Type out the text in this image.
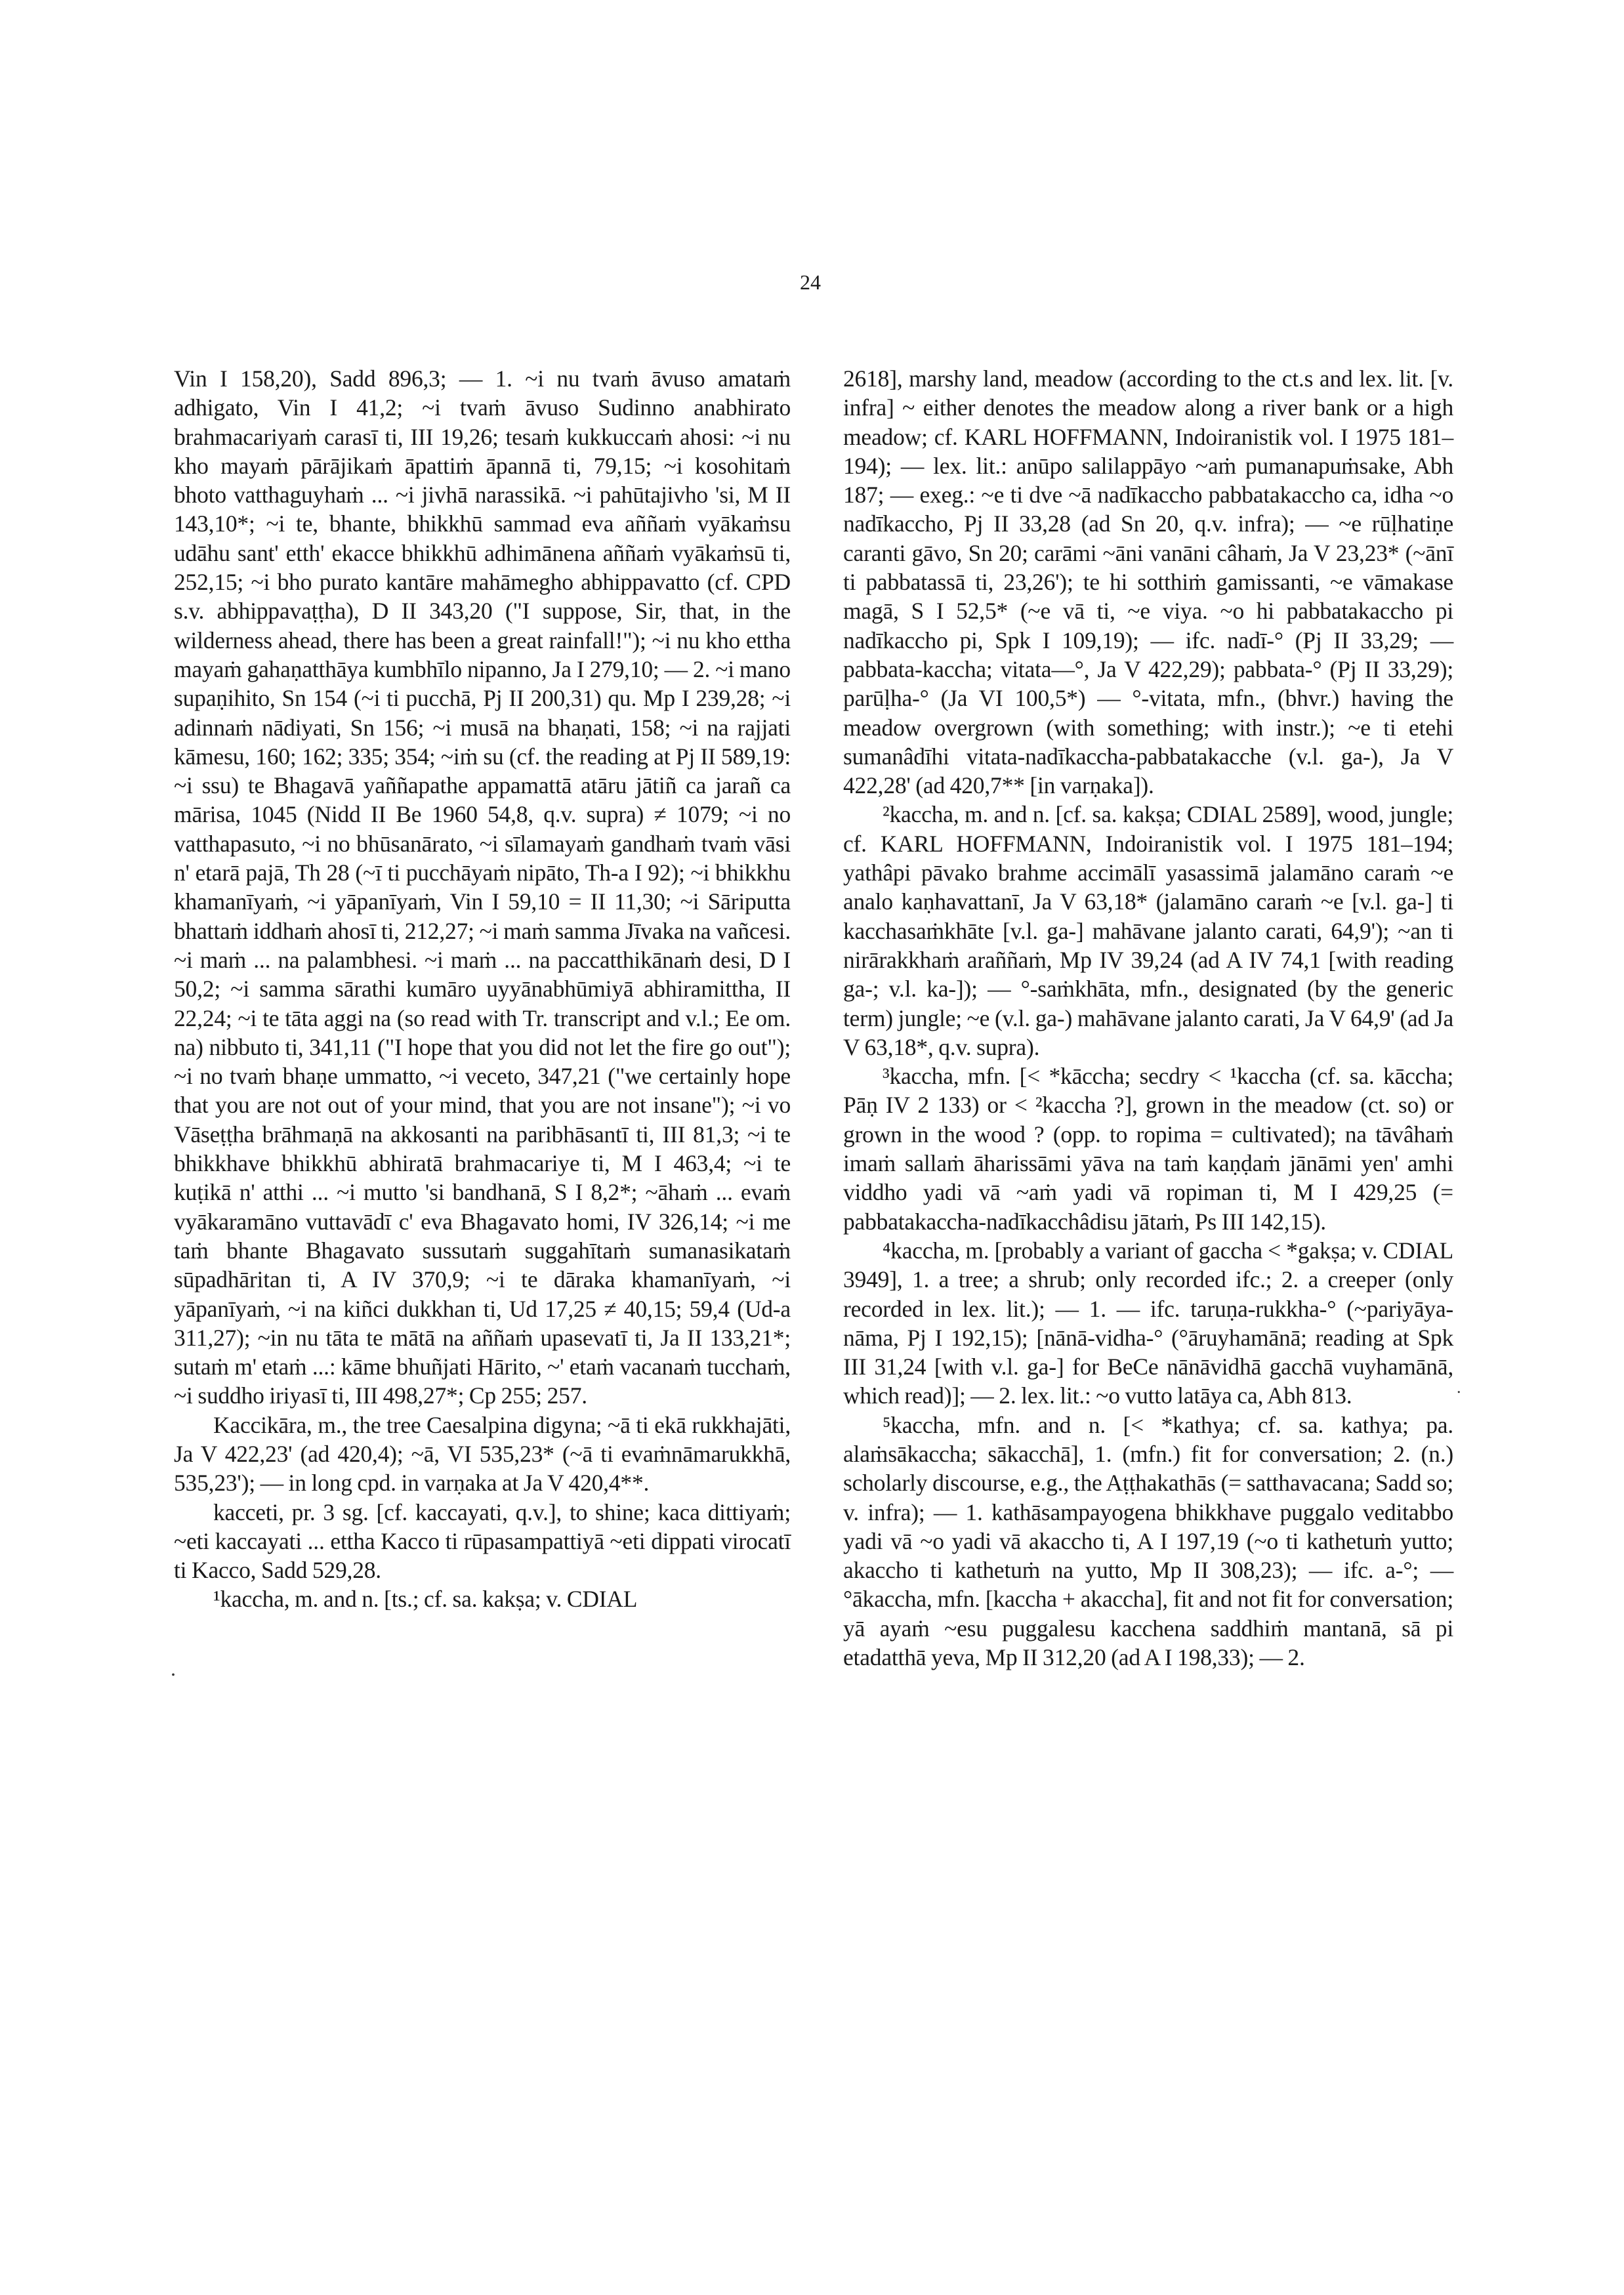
24

Vin I 158,20), Sadd 896,3; — 1. ~i nu tvaṁ āvuso amataṁ adhigato, Vin I 41,2; ~i tvaṁ āvuso Sudinno anabhirato brahmacariyaṁ carasī ti, III 19,26; tesaṁ kukkuccaṁ ahosi: ~i nu kho mayaṁ pārājikaṁ āpattiṁ āpannā ti, 79,15; ~i kosohitaṁ bhoto vatthaguyhaṁ ... ~i jivhā narassikā. ~i pahūtajivho 'si, M II 143,10*; ~i te, bhante, bhikkhū sammad eva aññaṁ vyākaṁsu udāhu sant' etth' ekacce bhikkhū adhimānena aññaṁ vyākaṁsū ti, 252,15; ~i bho purato kantāre mahāmegho abhippavatto (cf. CPD s.v. abhippavaṭṭha), D II 343,20 ("I suppose, Sir, that, in the wilderness ahead, there has been a great rainfall!"); ~i nu kho ettha mayaṁ gahaṇatthāya kumbhīlo nipanno, Ja I 279,10; — 2. ~i mano supaṇihito, Sn 154 (~i ti pucchā, Pj II 200,31) qu. Mp I 239,28; ~i adinnaṁ nādiyati, Sn 156; ~i musā na bhaṇati, 158; ~i na rajjati kāmesu, 160; 162; 335; 354; ~iṁ su (cf. the reading at Pj II 589,19: ~i ssu) te Bhagavā yaññapathe appamattā atāru jātiñ ca jarañ ca mārisa, 1045 (Nidd II Be 1960 54,8, q.v. supra) ≠ 1079; ~i no vatthapasuto, ~i no bhūsanārato, ~i sīlamayaṁ gandhaṁ tvaṁ vāsi n' etarā pajā, Th 28 (~ī ti pucchāyaṁ nipāto, Th-a I 92); ~i bhikkhu khamanīyaṁ, ~i yāpanīyaṁ, Vin I 59,10 = II 11,30; ~i Sāriputta bhattaṁ iddhaṁ ahosī ti, 212,27; ~i maṁ samma Jīvaka na vañcesi. ~i maṁ ... na palambhesi. ~i maṁ ... na paccatthikānaṁ desi, D I 50,2; ~i samma sārathi kumāro uyyānabhūmiyā abhiramittha, II 22,24; ~i te tāta aggi na (so read with Tr. transcript and v.l.; Ee om. na) nibbuto ti, 341,11 ("I hope that you did not let the fire go out"); ~i no tvaṁ bhaṇe ummatto, ~i veceto, 347,21 ("we certainly hope that you are not out of your mind, that you are not insane"); ~i vo Vāseṭṭha brāhmaṇā na akkosanti na paribhāsantī ti, III 81,3; ~i te bhikkhave bhikkhū abhiratā brahmacariye ti, M I 463,4; ~i te kuṭikā n' atthi ... ~i mutto 'si bandhanā, S I 8,2*; ~āhaṁ ... evaṁ vyākaramāno vuttavādī c' eva Bhagavato homi, IV 326,14; ~i me taṁ bhante Bhagavato sussutaṁ suggahītaṁ sumanasikataṁ sūpadhāritan ti, A IV 370,9; ~i te dāraka khamanīyaṁ, ~i yāpanīyaṁ, ~i na kiñci dukkhan ti, Ud 17,25 ≠ 40,15; 59,4 (Ud-a 311,27); ~in nu tāta te mātā na aññaṁ upasevatī ti, Ja II 133,21*; sutaṁ m' etaṁ ...: kāme bhuñjati Hārito, ~' etaṁ vacanaṁ tucchaṁ, ~i suddho iriyasī ti, III 498,27*; Cp 255; 257.

Kaccikāra, m., the tree Caesalpina digyna; ~ā ti ekā rukkhajāti, Ja V 422,23' (ad 420,4); ~ā, VI 535,23* (~ā ti evaṁnāmarukkhā, 535,23'); — in long cpd. in varṇaka at Ja V 420,4**.

kacceti, pr. 3 sg. [cf. kaccayati, q.v.], to shine; kaca dittiyaṁ; ~eti kaccayati ... ettha Kacco ti rūpasampattiyā ~eti dippati virocatī ti Kacco, Sadd 529,28.

¹kaccha, m. and n. [ts.; cf. sa. kakṣa; v. CDIAL

2618], marshy land, meadow (according to the ct.s and lex. lit. [v. infra] ~ either denotes the meadow along a river bank or a high meadow; cf. KARL HOFFMANN, Indoiranistik vol. I 1975 181–194); — lex. lit.: anūpo salilappāyo ~aṁ pumanapuṁsake, Abh 187; — exeg.: ~e ti dve ~ā nadīkaccho pabbatakaccho ca, idha ~o nadīkaccho, Pj II 33,28 (ad Sn 20, q.v. infra); — ~e rūḷhatiṇe caranti gāvo, Sn 20; carāmi ~āni vanāni câhaṁ, Ja V 23,23* (~ānī ti pabbatassā ti, 23,26'); te hi sotthiṁ gamissanti, ~e vāmakase magā, S I 52,5* (~e vā ti, ~e viya. ~o hi pabbatakaccho pi nadīkaccho pi, Spk I 109,19); — ifc. nadī-° (Pj II 33,29; —pabbata-kaccha; vitata—°, Ja V 422,29); pabbata-° (Pj II 33,29); parūḷha-° (Ja VI 100,5*) — °-vitata, mfn., (bhvr.) having the meadow overgrown (with something; with instr.); ~e ti etehi sumanâdīhi vitata-nadīkaccha-pabbatakacche (v.l. ga-), Ja V 422,28' (ad 420,7** [in varṇaka]).

²kaccha, m. and n. [cf. sa. kakṣa; CDIAL 2589], wood, jungle; cf. KARL HOFFMANN, Indoiranistik vol. I 1975 181–194; yathâpi pāvako brahme accimālī yasassimā jalamāno caraṁ ~e analo kaṇhavattanī, Ja V 63,18* (jalamāno caraṁ ~e [v.l. ga-] ti kacchasaṁkhāte [v.l. ga-] mahāvane jalanto carati, 64,9'); ~an ti nirārakkhaṁ araññaṁ, Mp IV 39,24 (ad A IV 74,1 [with reading ga-; v.l. ka-]); — °-saṁkhāta, mfn., designated (by the generic term) jungle; ~e (v.l. ga-) mahāvane jalanto carati, Ja V 64,9' (ad Ja V 63,18*, q.v. supra).

³kaccha, mfn. [< *kācchа; secdry < ¹kaccha (cf. sa. kāccha; Pāṇ IV 2 133) or < ²kaccha ?], grown in the meadow (ct. so) or grown in the wood ? (opp. to ropima = cultivated); na tāvâhaṁ imaṁ sallaṁ āharissāmi yāva na taṁ kaṇḍaṁ jānāmi yen' amhi viddho yadi vā ~aṁ yadi vā ropiman ti, M I 429,25 (= pabbatakaccha-nadīkacchâdisu jātaṁ, Ps III 142,15).

⁴kaccha, m. [probably a variant of gaccha < *gakṣa; v. CDIAL 3949], 1. a tree; a shrub; only recorded ifc.; 2. a creeper (only recorded in lex. lit.); — 1. — ifc. taruṇa-rukkha-° (~pariyāya-nāma, Pj I 192,15); [nānā-vidha-° (°āruyhamānā; reading at Spk III 31,24 [with v.l. ga-] for BeCe nānāvidhā gacchā vuyhamānā, which read)]; — 2. lex. lit.: ~o vutto latāya ca, Abh 813.

⁵kaccha, mfn. and n. [< *kathya; cf. sa. kathya; pa. alaṁsākaccha; sākacchā], 1. (mfn.) fit for conversation; 2. (n.) scholarly discourse, e.g., the Aṭṭhakathās (= satthavacana; Sadd so; v. infra); — 1. kathāsampayogena bhikkhave puggalo veditabbo yadi vā ~o yadi vā akaccho ti, A I 197,19 (~o ti kathetuṁ yutto; akaccho ti kathetuṁ na yutto, Mp II 308,23); — ifc. a-°; — °ākaccha, mfn. [kaccha + akaccha], fit and not fit for conversation; yā ayaṁ ~esu puggalesu kacchena saddhiṁ mantanā, sā pi etadatthā yeva, Mp II 312,20 (ad A I 198,33); — 2.

.
.
